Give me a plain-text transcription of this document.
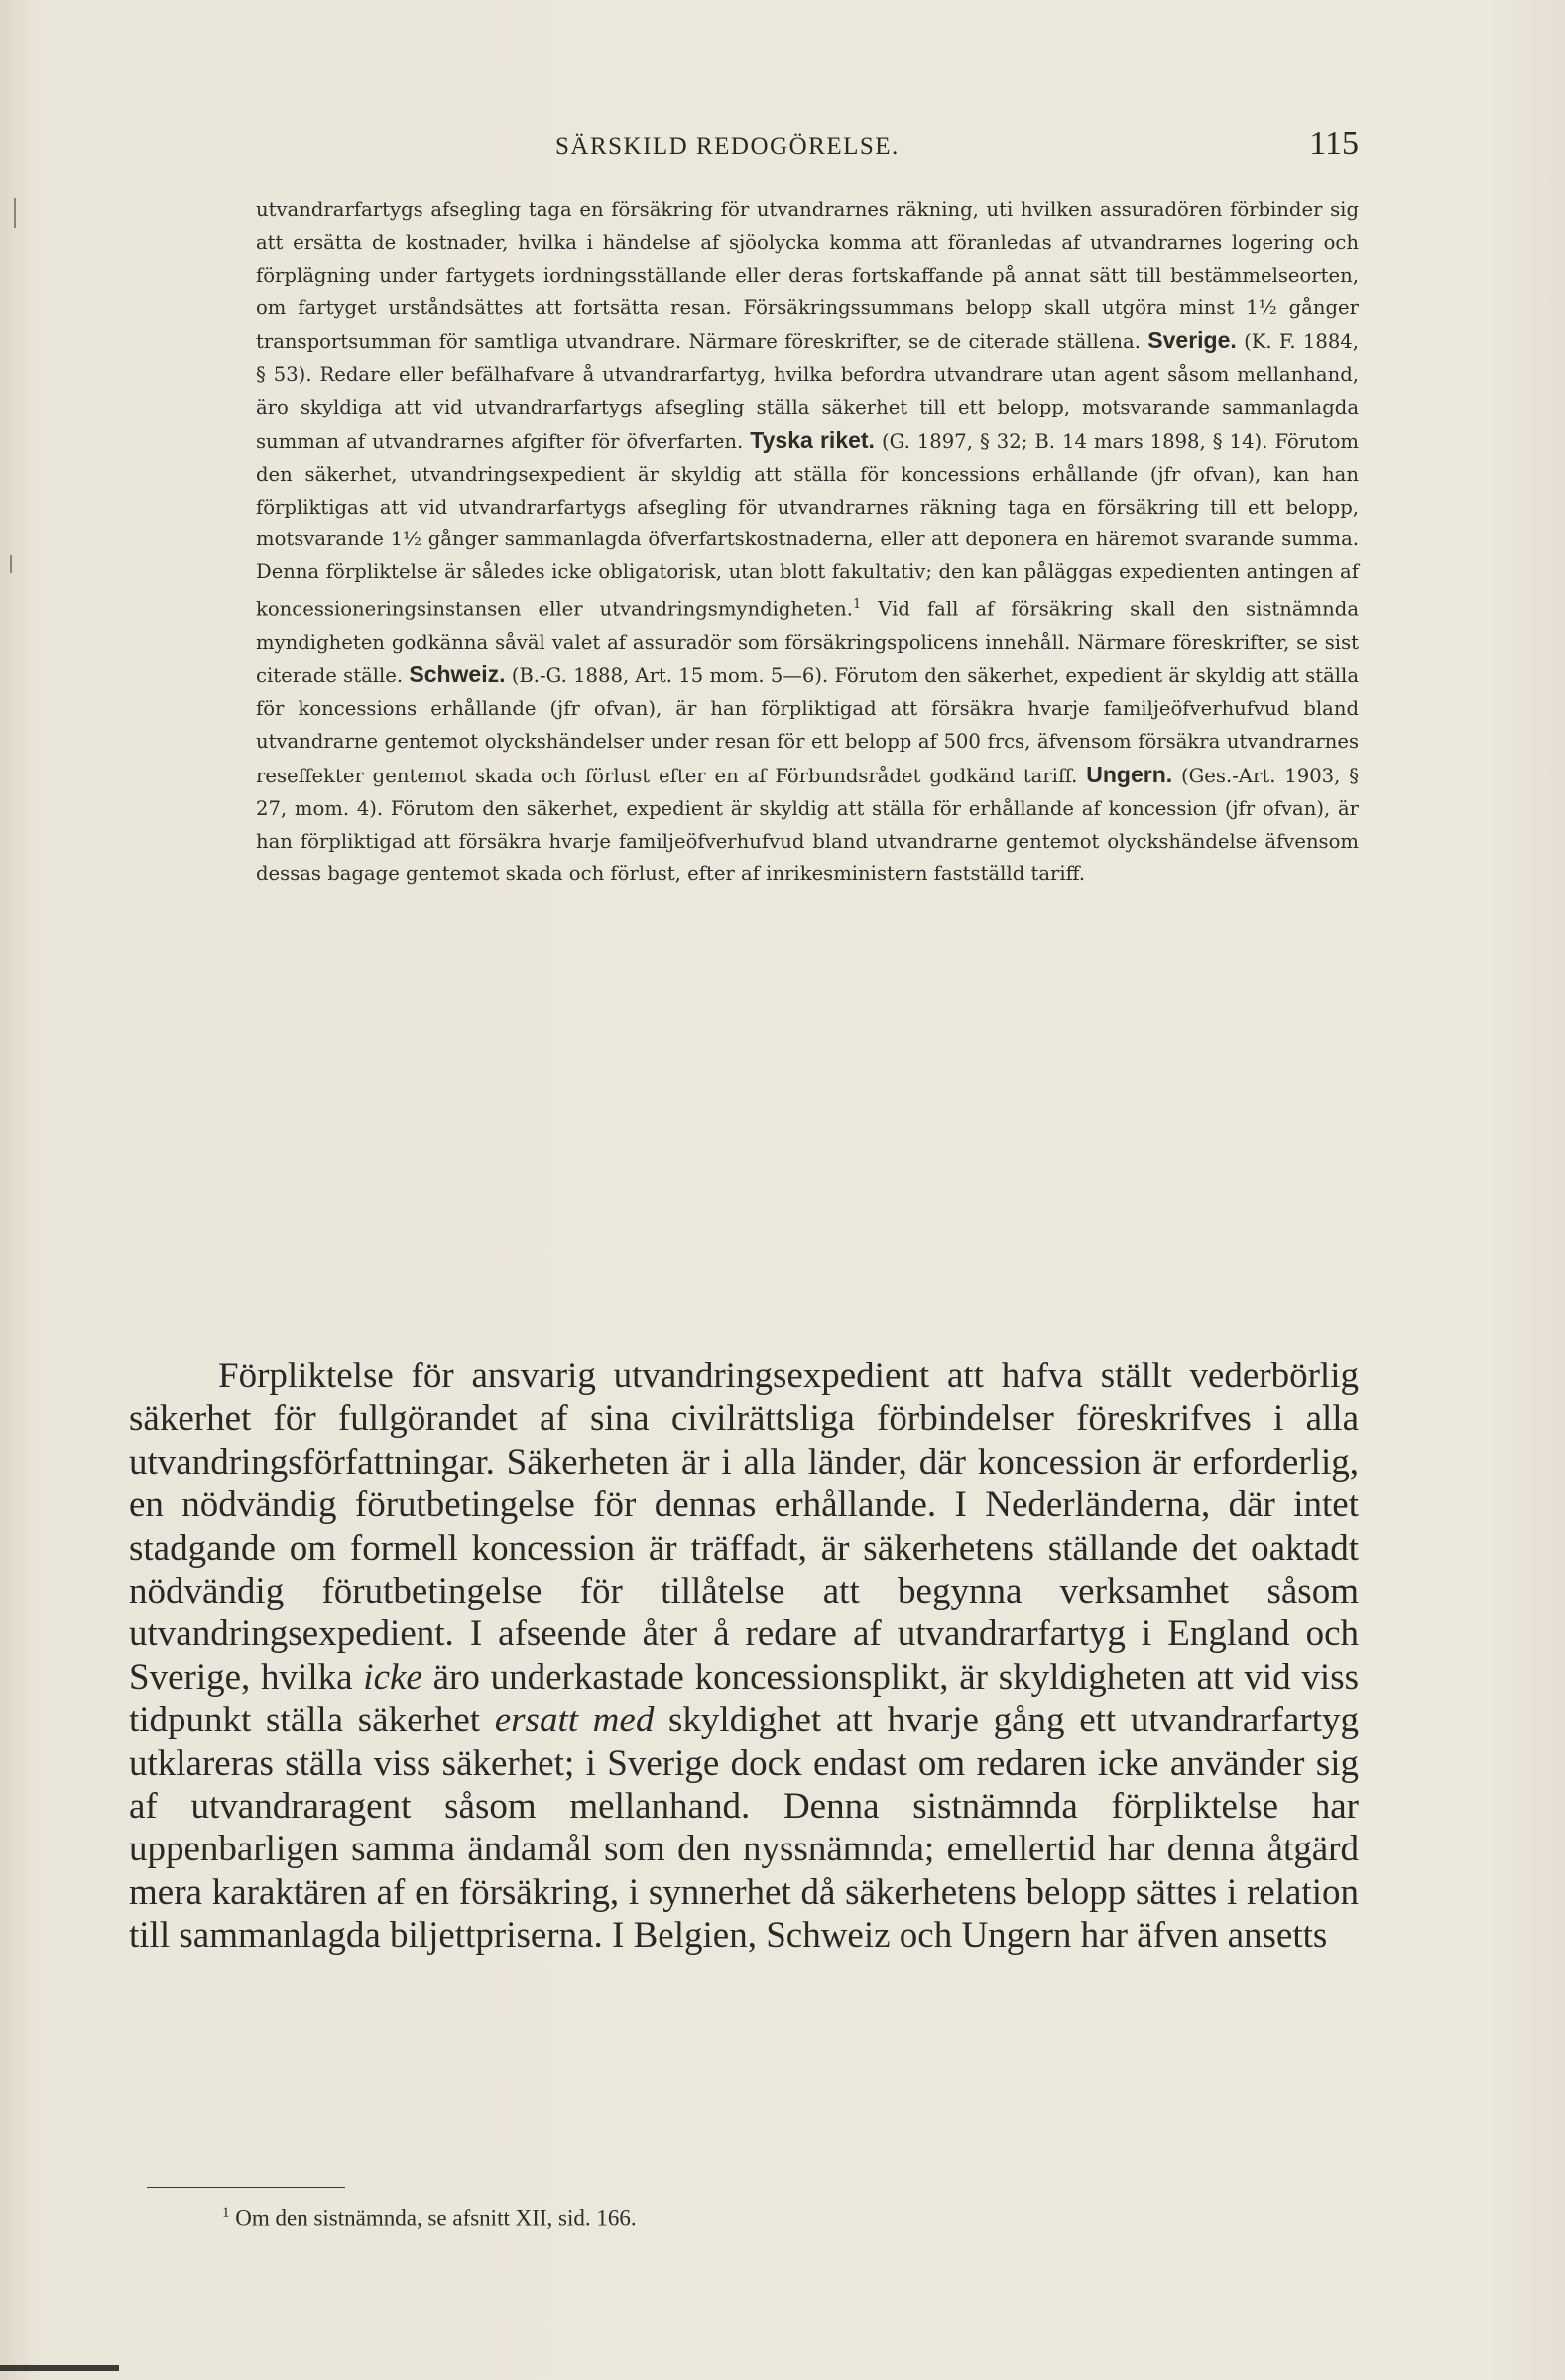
SÄRSKILD REDOGÖRELSE.	115

utvandrarfartygs afsegling taga en försäkring för utvandrarnes räkning, uti hvilken assuradören förbinder sig att ersätta de kostnader, hvilka i händelse af sjöolycka komma att föranledas af utvandrarnes logering och förplägning under fartygets iordningsställande eller deras fortskaffande på annat sätt till bestämmelseorten, om fartyget urståndsättes att fortsätta resan. Försäkringssummans belopp skall utgöra minst 1½ gånger transportsumman för samtliga utvandrare. Närmare föreskrifter, se de citerade ställena. Sverige. (K. F. 1884, § 53). Redare eller befälhafvare å utvandrarfartyg, hvilka befordra utvandrare utan agent såsom mellanhand, äro skyldiga att vid utvandrarfartygs afsegling ställa säkerhet till ett belopp, motsvarande sammanlagda summan af utvandrarnes afgifter för öfverfarten. Tyska riket. (G. 1897, § 32; B. 14 mars 1898, § 14). Förutom den säkerhet, utvandringsexpedient är skyldig att ställa för koncessions erhållande (jfr ofvan), kan han förpliktigas att vid utvandrarfartygs afsegling för utvandrarnes räkning taga en försäkring till ett belopp, motsvarande 1½ gånger sammanlagda öfverfartskostnaderna, eller att deponera en häremot svarande summa. Denna förpliktelse är således icke obligatorisk, utan blott fakultativ; den kan påläggas expedienten antingen af koncessioneringsinstansen eller utvandringsmyndigheten.$^1$ Vid fall af försäkring skall den sistnämnda myndigheten godkänna såväl valet af assuradör som försäkringspolicens innehåll. Närmare föreskrifter, se sist citerade ställe. Schweiz. (B.-G. 1888, Art. 15 mom. 5—6). Förutom den säkerhet, expedient är skyldig att ställa för koncessions erhållande (jfr ofvan), är han förpliktigad att försäkra hvarje familjeöfverhufvud bland utvandrarne gentemot olyckshändelser under resan för ett belopp af 500 frcs, äfvensom försäkra utvandrarnes reseffekter gentemot skada och förlust efter en af Förbundsrådet godkänd tariff. Ungern. (Ges.-Art. 1903, § 27, mom. 4). Förutom den säkerhet, expedient är skyldig att ställa för erhållande af koncession (jfr ofvan), är han förpliktigad att försäkra hvarje familjeöfverhufvud bland utvandrarne gentemot olyckshändelse äfvensom dessas bagage gentemot skada och förlust, efter af inrikesministern fastställd tariff.

Förpliktelse för ansvarig utvandringsexpedient att hafva ställt vederbörlig säkerhet för fullgörandet af sina civilrättsliga förbindelser föreskrifves i alla utvandringsförfattningar. Säkerheten är i alla länder, där koncession är erforderlig, en nödvändig förutbetingelse för dennas erhållande. I Nederländerna, där intet stadgande om formell koncession är träffadt, är säkerhetens ställande det oaktadt nödvändig förutbetingelse för tillåtelse att begynna verksamhet såsom utvandringsexpedient. I afseende åter å redare af utvandrarfartyg i England och Sverige, hvilka icke äro underkastade koncessionsplikt, är skyldigheten att vid viss tidpunkt ställa säkerhet ersatt med skyldighet att hvarje gång ett utvandrarfartyg utklareras ställa viss säkerhet; i Sverige dock endast om redaren icke använder sig af utvandraragent såsom mellanhand. Denna sistnämnda förpliktelse har uppenbarligen samma ändamål som den nyssnämnda; emellertid har denna åtgärd mera karaktären af en försäkring, i synnerhet då säkerhetens belopp sättes i relation till sammanlagda biljettpriserna. I Belgien, Schweiz och Ungern har äfven ansetts

$^1$ Om den sistnämnda, se afsnitt XII, sid. 166.
